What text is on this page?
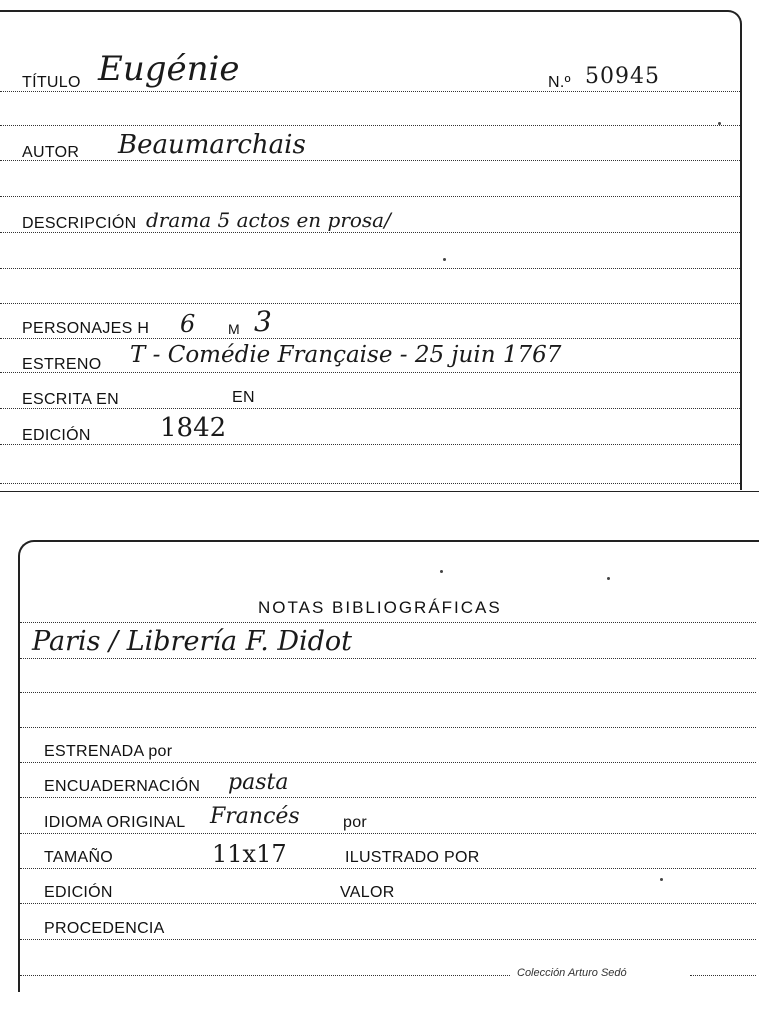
TÍTULO Eugénie	N.º 50945
AUTOR Beaumarchais
DESCRIPCIÓN drama 5 actos en prosa/
PERSONAJES H 6 M 3
ESTRENO T - Comédie Française - 25 juin 1767
ESCRITA EN	EN
EDICIÓN	1842
NOTAS BIBLIOGRÁFICAS
Paris / Librería F. Didot
ESTRENADA por
ENCUADERNACIÓN pasta
IDIOMA ORIGINAL Francés	por
TAMAÑO	11x17	ILUSTRADO POR
EDICIÓN	VALOR
PROCEDENCIA
Colección Arturo Sedó
